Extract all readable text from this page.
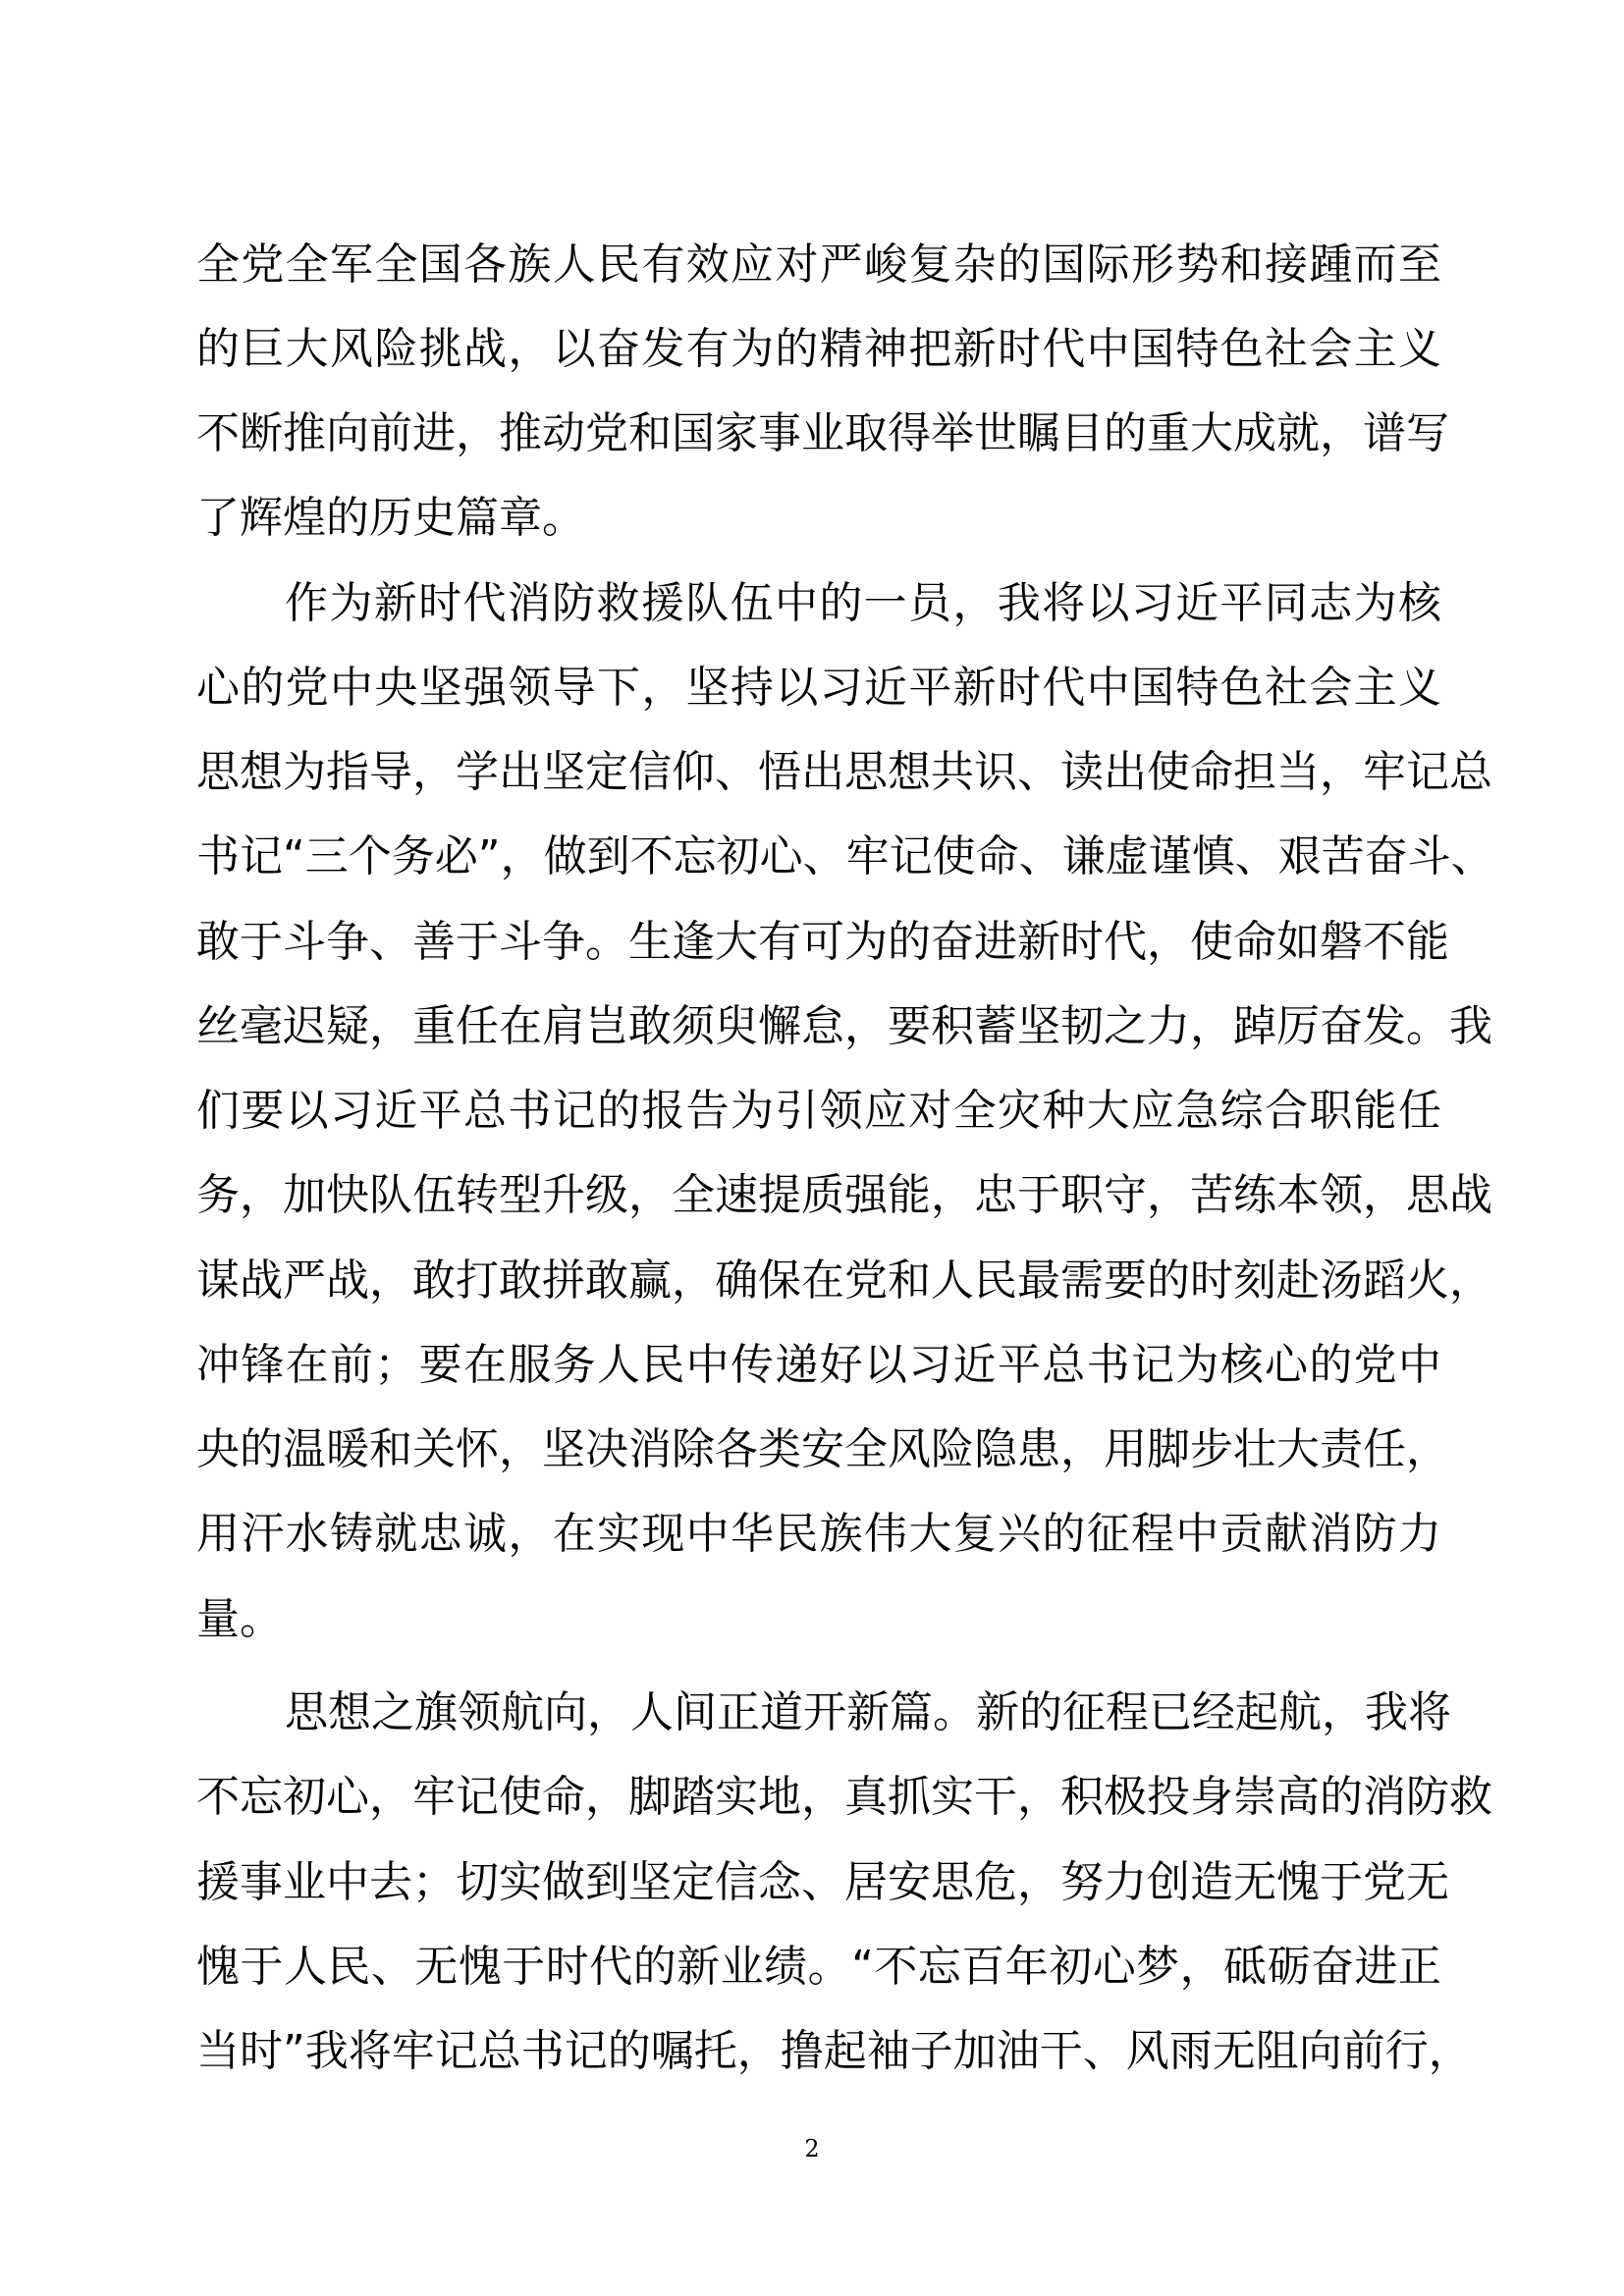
全党全军全国各族人民有效应对严峻复杂的国际形势和接踵而至
的巨大风险挑战，以奋发有为的精神把新时代中国特色社会主义
不断推向前进，推动党和国家事业取得举世瞩目的重大成就，谱写
了辉煌的历史篇章。
作为新时代消防救援队伍中的一员，我将以习近平同志为核
心的党中央坚强领导下，坚持以习近平新时代中国特色社会主义
思想为指导，学出坚定信仰、悟出思想共识、读出使命担当，牢记总
书记“三个务必”，做到不忘初心、牢记使命、谦虚谨慎、艰苦奋斗、
敢于斗争、善于斗争。生逢大有可为的奋进新时代，使命如磐不能
丝毫迟疑，重任在肩岂敢须臾懈怠，要积蓄坚韧之力，踔厉奋发。我
们要以习近平总书记的报告为引领应对全灾种大应急综合职能任
务，加快队伍转型升级，全速提质强能，忠于职守，苦练本领，思战
谋战严战，敢打敢拼敢赢，确保在党和人民最需要的时刻赴汤蹈火，
冲锋在前；要在服务人民中传递好以习近平总书记为核心的党中
央的温暖和关怀，坚决消除各类安全风险隐患，用脚步壮大责任，
用汗水铸就忠诚，在实现中华民族伟大复兴的征程中贡献消防力
量。
思想之旗领航向，人间正道开新篇。新的征程已经起航，我将
不忘初心，牢记使命，脚踏实地，真抓实干，积极投身崇高的消防救
援事业中去；切实做到坚定信念、居安思危，努力创造无愧于党无
愧于人民、无愧于时代的新业绩。“不忘百年初心梦，砥砺奋进正
当时”我将牢记总书记的嘱托，撸起袖子加油干、风雨无阻向前行，
2
